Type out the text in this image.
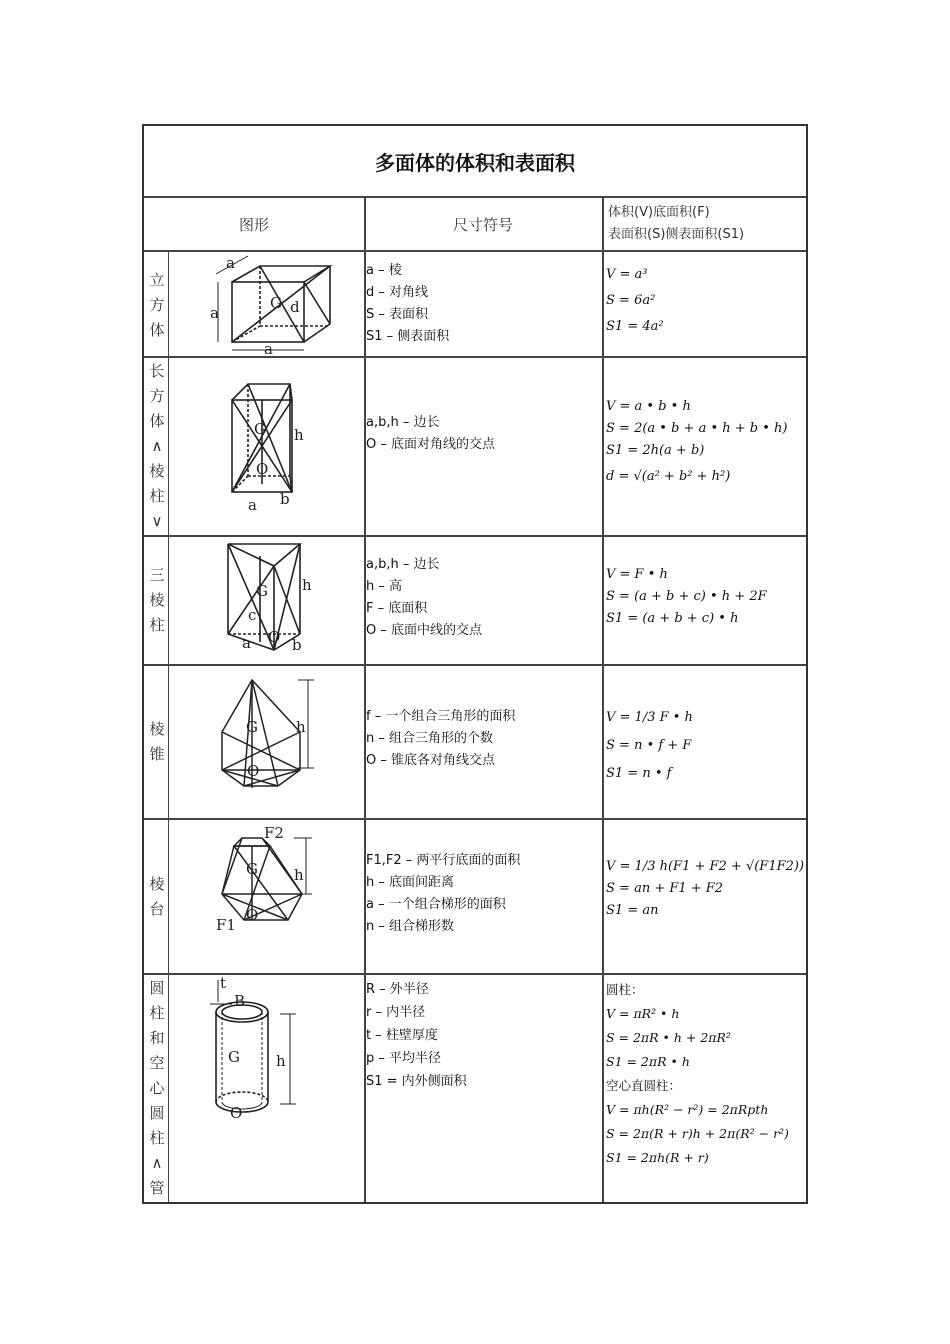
多面体的体积和表面积
图形	尺寸符号
体积(V)底面积(F)
表面积(S)侧表面积(S1)
立
方
体
a
a
a
G d
a – 棱
d – 对角线
S – 表面积
S1 – 侧表面积
V = a³
S = 6a²
S1 = 4a²
长
方
体
∧
棱
柱
∨
G h
O
a b
a,b,h – 边长
O – 底面对角线的交点
V = a • b • h
S = 2(a • b + a • h + b • h)
S1 = 2h(a + b)
d = √(a² + b² + h²)
三
棱
柱
G h
c
a O b
a,b,h – 边长
h – 高
F – 底面积
O – 底面中线的交点
V = F • h
S = (a + b + c) • h + 2F
S1 = (a + b + c) • h
棱
锥
G	h
O
f – 一个组合三角形的面积
n – 组合三角形的个数
O – 锥底各对角线交点
V = 1/3 F • h
S = n • f + F
S1 = n • f
棱
台
F2
G h
F1
O
F1,F2 – 两平行底面的面积
h – 底面间距离
a – 一个组合梯形的面积
n – 组合梯形数
V = 1/3 h(F1 + F2 + √(F1F2))
S = an + F1 + F2
S1 = an
圆
柱
和
空
心
圆
柱
∧
管
t
B
G h
O
R – 外半径
r – 内半径
t – 柱壁厚度
p – 平均半径
S1 = 内外侧面积
圆柱：
V = πR² • h
S = 2πR • h + 2πR²
S1 = 2πR • h
空心直圆柱：
V = πh(R² − r²) = 2πRpth
S = 2π(R + r)h + 2π(R² − r²)
S1 = 2πh(R + r)
